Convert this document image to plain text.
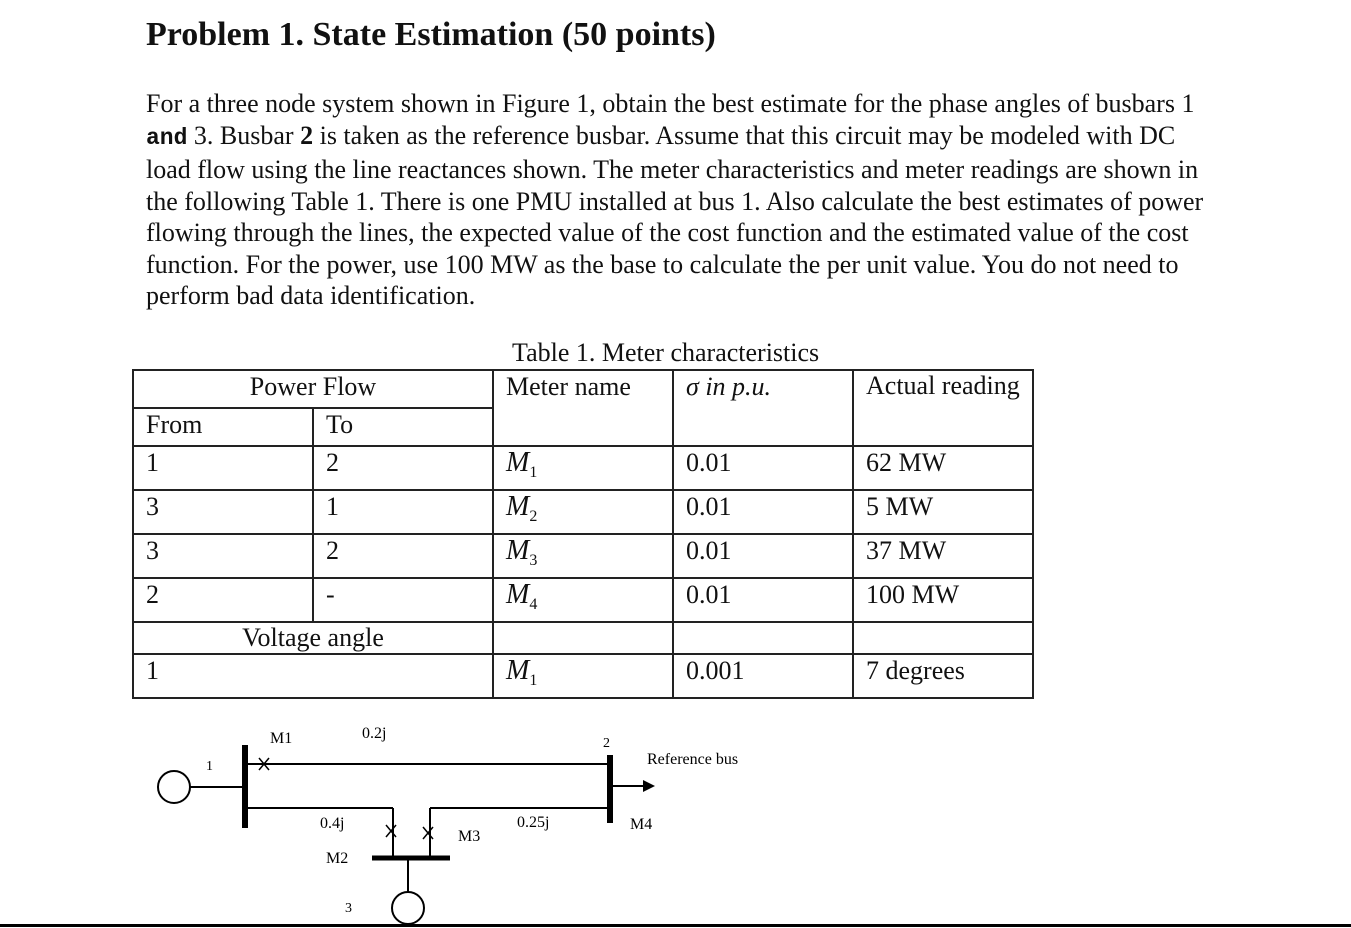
Problem 1. State Estimation (50 points)

For a three node system shown in Figure 1, obtain the best estimate for the phase angles of busbars 1 and 3. Busbar 2 is taken as the reference busbar. Assume that this circuit may be modeled with DC load flow using the line reactances shown. The meter characteristics and meter readings are shown in the following Table 1. There is one PMU installed at bus 1. Also calculate the best estimates of power flowing through the lines, the expected value of the cost function and the estimated value of the cost function. For the power, use 100 MW as the base to calculate the per unit value. You do not need to perform bad data identification.

Table 1. Meter characteristics
Power Flow		Meter name	σ in p.u.	Actual reading
From	To			
1	2	$M_1$	0.01	62 MW
3	1	$M_2$	0.01	5 MW
3	2	$M_3$	0.01	37 MW
2	-	$M_4$	0.01	100 MW
Voltage angle				
1		$M_1$	0.001	7 degrees
M1	0.2j
1
2
Reference bus
0.4j
M2
M3
0.25j	M4
3
